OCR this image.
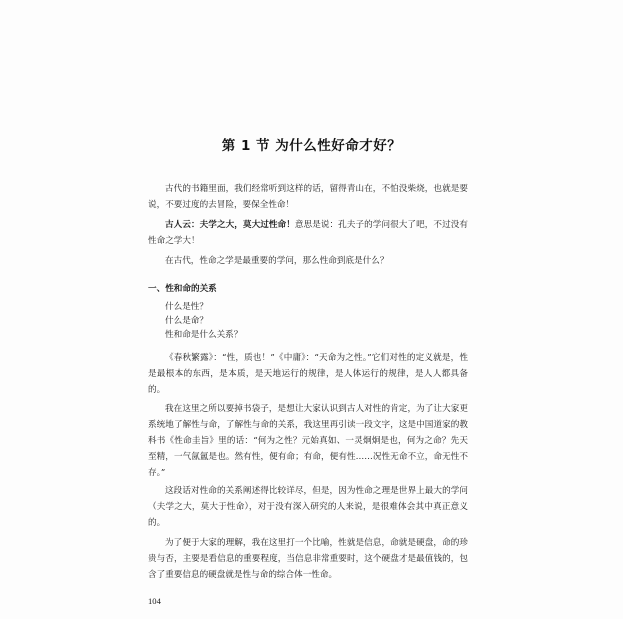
第 1 节 为什么性好命才好？

古代的书籍里面，我们经常听到这样的话，留得青山在，不怕没柴烧，也就是要说，不要过度的去冒险，要保全性命！

古人云：夫学之大，莫大过性命！意思是说：孔夫子的学问很大了吧，不过没有性命之学大！

在古代，性命之学是最重要的学问，那么性命到底是什么？

一、性和命的关系
什么是性？
什么是命？
性和命是什么关系？

《春秋繁露》：“性，质也！”《中庸》：“天命为之性。”它们对性的定义就是，性是最根本的东西，是本质，是天地运行的规律，是人体运行的规律，是人人都具备的。

我在这里之所以要掉书袋子，是想让大家认识到古人对性的肯定，为了让大家更系统地了解性与命，了解性与命的关系，我这里再引读一段文字，这是中国道家的教科书《性命圭旨》里的话：“何为之性？元始真如、一灵炯炯是也，何为之命？先天至精，一气氤氲是也。然有性，便有命；有命，便有性……况性无命不立，命无性不存。”

这段话对性命的关系阐述得比较详尽，但是，因为性命之理是世界上最大的学问（夫学之大，莫大于性命），对于没有深入研究的人来说，是很难体会其中真正意义的。

为了便于大家的理解，我在这里打一个比喻，性就是信息，命就是硬盘，命的珍贵与否，主要是看信息的重要程度，当信息非常重要时，这个硬盘才是最值钱的，包含了重要信息的硬盘就是性与命的综合体一性命。

104
